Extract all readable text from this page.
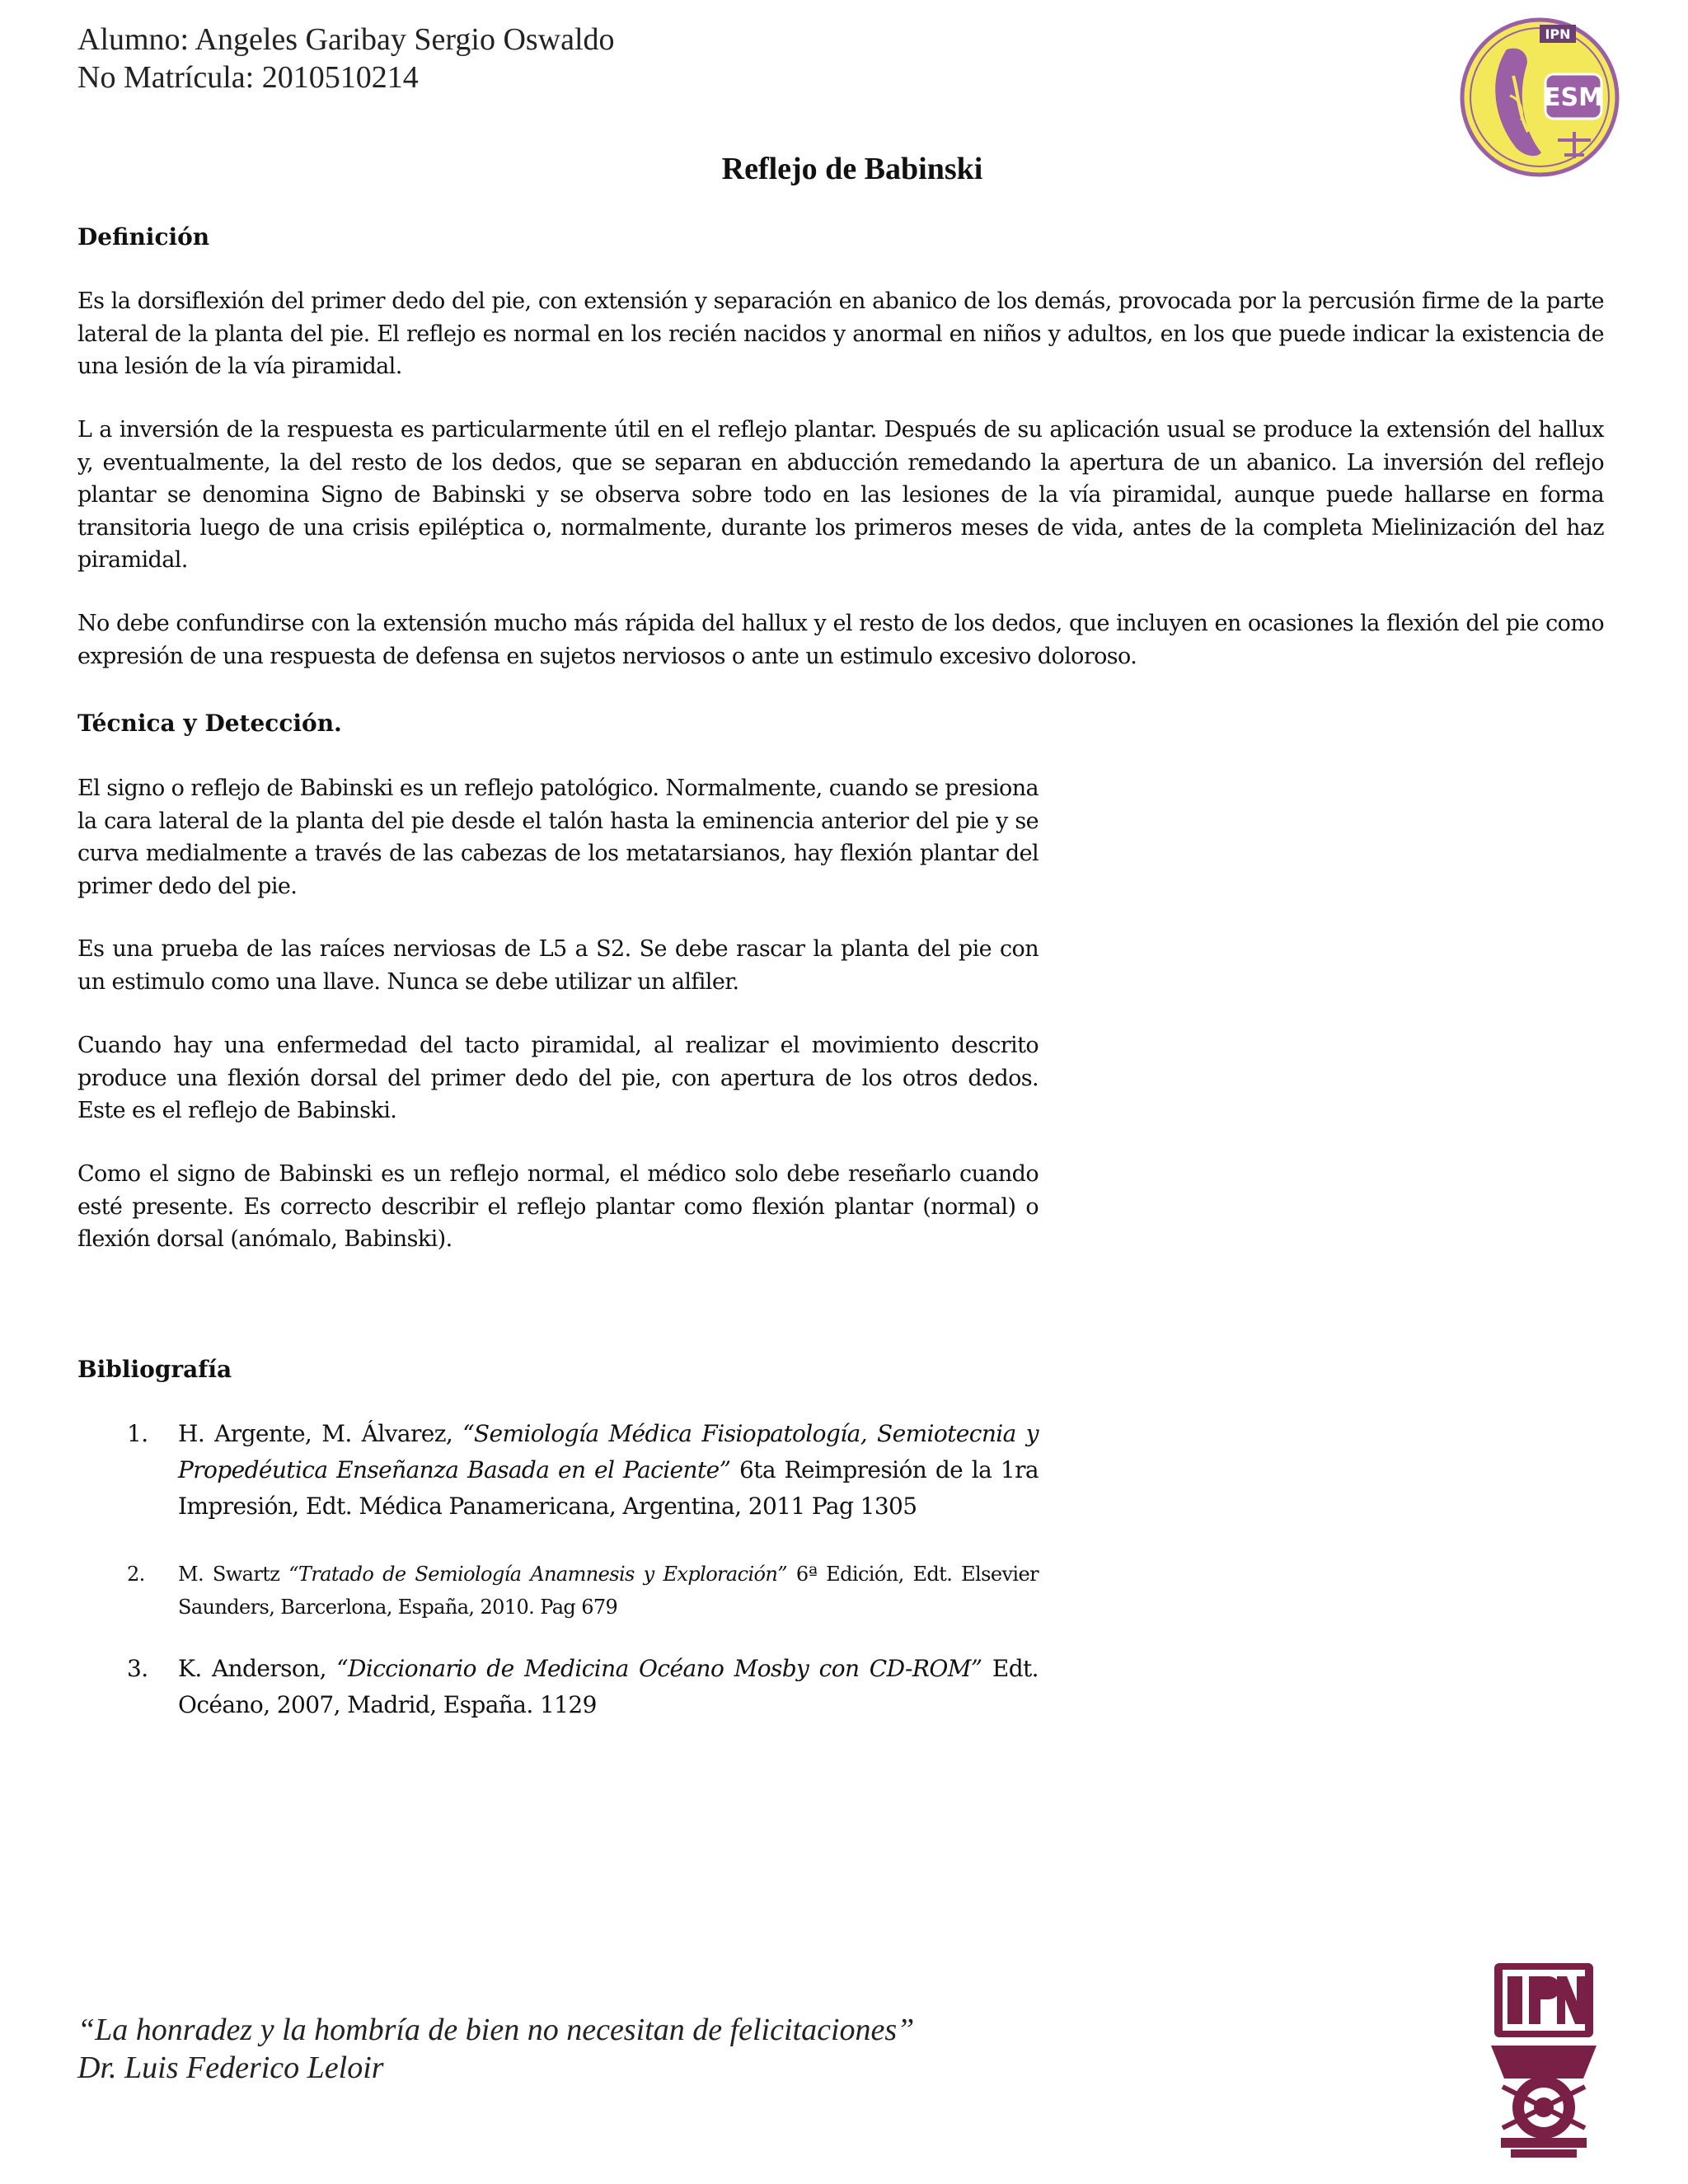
Alumno: Angeles Garibay Sergio Oswaldo
No Matrícula: 2010510214
ESM
IPN
Reflejo de Babinski
Definición

Es la dorsiflexión del primer dedo del pie, con extensión y separación en abanico de los demás, provocada por la percusión firme de la parte lateral de la planta del pie. El reflejo es normal en los recién nacidos y anormal en niños y adultos, en los que puede indicar la existencia de una lesión de la vía piramidal.

L a inversión de la respuesta es particularmente útil en el reflejo plantar. Después de su aplicación usual se produce la extensión del hallux y, eventualmente, la del resto de los dedos, que se separan en abducción remedando la apertura de un abanico. La inversión del reflejo plantar se denomina Signo de Babinski y se observa sobre todo en las lesiones de la vía piramidal, aunque puede hallarse en forma transitoria luego de una crisis epiléptica o, normalmente, durante los primeros meses de vida, antes de la completa Mielinización del haz piramidal.

No debe confundirse con la extensión mucho más rápida del hallux y el resto de los dedos, que incluyen en ocasiones la flexión del pie como expresión de una respuesta de defensa en sujetos nerviosos o ante un estimulo excesivo doloroso.

Técnica y Detección.

El signo o reflejo de Babinski es un reflejo patológico. Normalmente, cuando se presiona la cara lateral de la planta del pie desde el talón hasta la eminencia anterior del pie y se curva medialmente a través de las cabezas de los metatarsianos, hay flexión plantar del primer dedo del pie.

Es una prueba de las raíces nerviosas de L5 a S2. Se debe rascar la planta del pie con un estimulo como una llave. Nunca se debe utilizar un alfiler.

Cuando hay una enfermedad del tacto piramidal, al realizar el movimiento descrito produce una flexión dorsal del primer dedo del pie, con apertura de los otros dedos. Este es el reflejo de Babinski.

Como el signo de Babinski es un reflejo normal, el médico solo debe reseñarlo cuando esté presente. Es correcto describir el reflejo plantar como flexión plantar (normal) o flexión dorsal (anómalo, Babinski).

Bibliografía
1. H. Argente, M. Álvarez, “Semiología Médica Fisiopatología, Semiotecnia y Propedéutica Enseñanza Basada en el Paciente” 6ta Reimpresión de la 1ra Impresión, Edt. Médica Panamericana, Argentina, 2011 Pag 1305
2. M. Swartz “Tratado de Semiología Anamnesis y Exploración” 6ª Edición, Edt. Elsevier Saunders, Barcerlona, España, 2010. Pag 679
3. K. Anderson, “Diccionario de Medicina Océano Mosby con CD-ROM” Edt. Océano, 2007, Madrid, España. 1129
“La honradez y la hombría de bien no necesitan de felicitaciones”
Dr. Luis Federico Leloir
